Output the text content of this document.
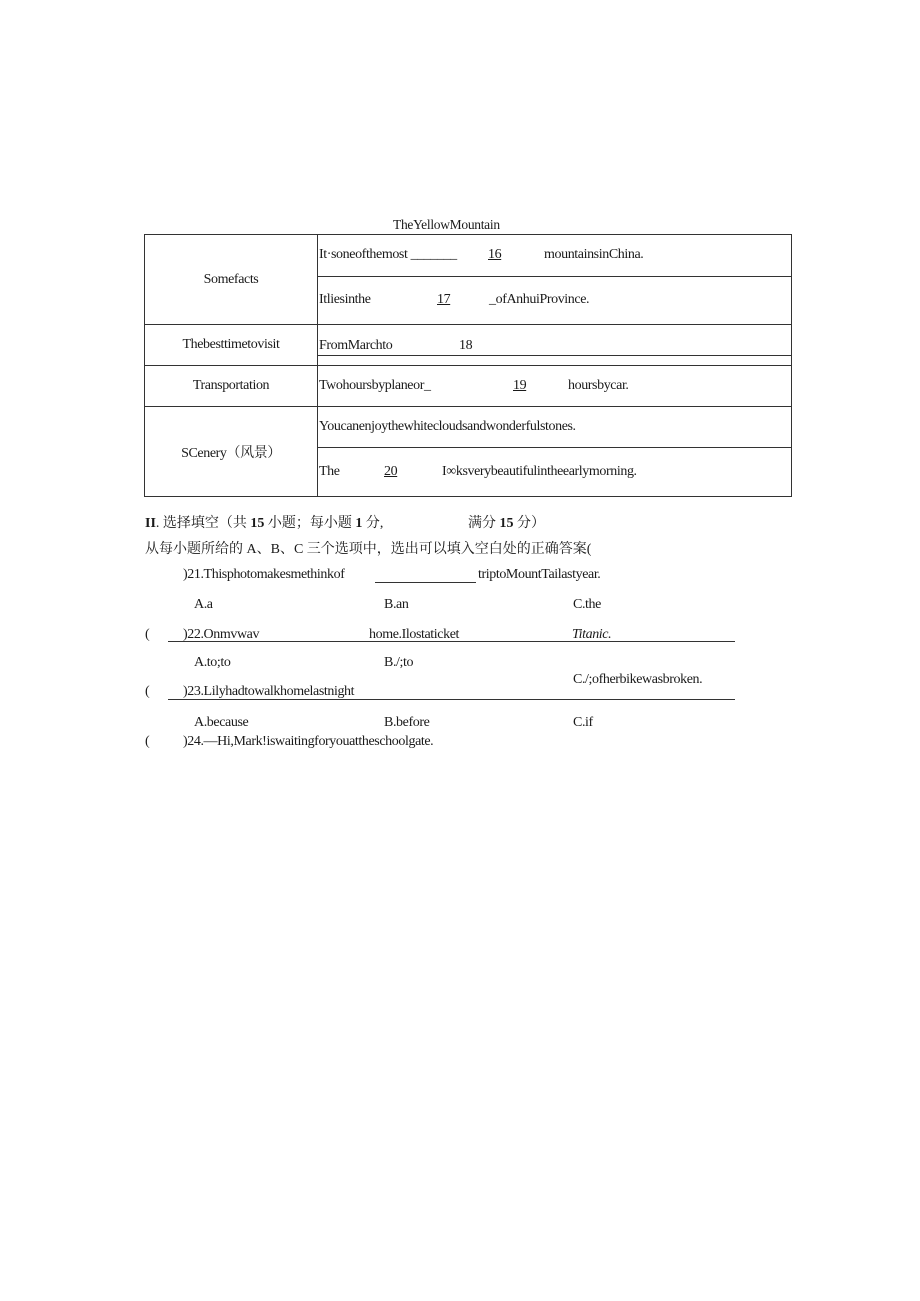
TheYellowMountain
Somefacts	It·soneofthemost _______ 16 mountainsinChina.

	Itliesinthe 17 _ofAnhuiProvince.

Thebesttimetovisit	FromMarchto 18

Transportation	Twohoursbyplaneor_ 19 hoursbycar.

SCenery（风景）	Youcanenjoythewhitecloudsandwonderfulstones.

	The 20 I∞ksverybeautifulintheearlymorning.
II. 选择填空（共 15 小题；每小题 1 分,	满分 15 分）
从每小题所给的 A、B、C 三个选项中，选出可以填入空白处的正确答案(
)21.Thisphotomakesmethinkof	triptoMountTailastyear.
A.a	B.an	C.the
( )22.Onmvwav	home.Ilostaticket	Titanic.
A.to;to	B./;to
C./;ofherbikewasbroken.
( )23.Lilyhadtowalkhomelastnight
A.because	B.before	C.if
( )24.—Hi,Mark!iswaitingforyouattheschoolgate.
